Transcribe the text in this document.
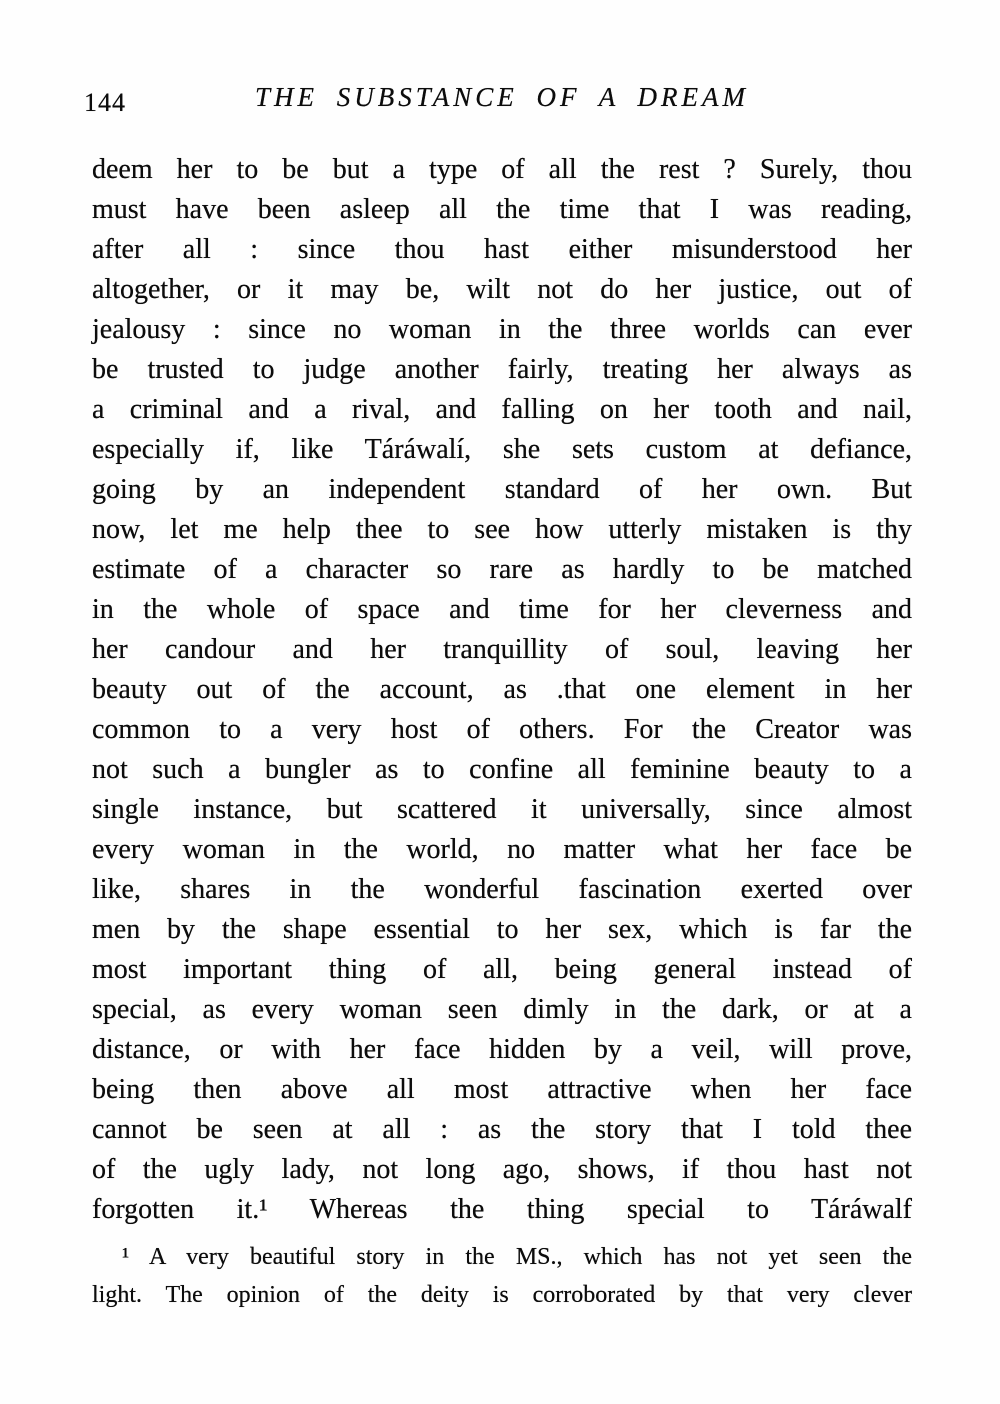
144	THE SUBSTANCE OF A DREAM
deem her to be but a type of all the rest ? Surely, thou
must have been asleep all the time that I was reading,
after all : since thou hast either misunderstood her
altogether, or it may be, wilt not do her justice, out of
jealousy : since no woman in the three worlds can ever
be trusted to judge another fairly, treating her always as
a criminal and a rival, and falling on her tooth and nail,
especially if, like Táráwalí, she sets custom at defiance,
going by an independent standard of her own. But
now, let me help thee to see how utterly mistaken is thy
estimate of a character so rare as hardly to be matched
in the whole of space and time for her cleverness and
her candour and her tranquillity of soul, leaving her
beauty out of the account, as .that one element in her
common to a very host of others. For the Creator was
not such a bungler as to confine all feminine beauty to a
single instance, but scattered it universally, since almost
every woman in the world, no matter what her face be
like, shares in the wonderful fascination exerted over
men by the shape essential to her sex, which is far the
most important thing of all, being general instead of
special, as every woman seen dimly in the dark, or at a
distance, or with her face hidden by a veil, will prove,
being then above all most attractive when her face
cannot be seen at all : as the story that I told thee
of the ugly lady, not long ago, shows, if thou hast not
forgotten it.¹ Whereas the thing special to Táráwalf
¹ A very beautiful story in the MS., which has not yet seen the
light. The opinion of the deity is corroborated by that very clever
